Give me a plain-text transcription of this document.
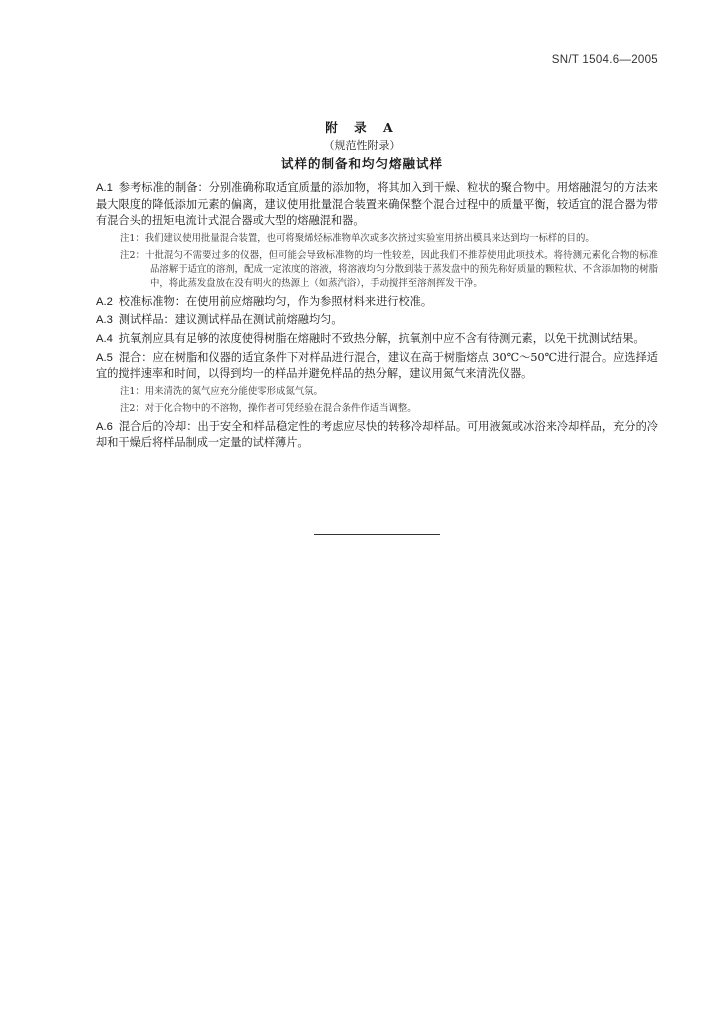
SN/T 1504.6—2005
附 录 A
（规范性附录）
试样的制备和均匀熔融试样

A.1 参考标准的制备：分别准确称取适宜质量的添加物，将其加入到干燥、粒状的聚合物中。用熔融混匀的方法来最大限度的降低添加元素的偏离，建议使用批量混合装置来确保整个混合过程中的质量平衡，较适宜的混合器为带有混合头的扭矩电流计式混合器或大型的熔融混和器。

注1：我们建议使用批量混合装置，也可将聚烯烃标准物单次或多次挤过实验室用挤出模具来达到均一标样的目的。

注2：十批混匀不需要过多的仪器，但可能会导致标准物的均一性较差，因此我们不推荐使用此项技术。将待测元素化合物的标准品溶解于适宜的溶剂，配成一定浓度的溶液，将溶液均匀分散到装于蒸发盘中的预先称好质量的颗粒状、不含添加物的树脂中，将此蒸发盘放在没有明火的热源上（如蒸汽浴），手动搅拌至溶剂挥发干净。

A.2 校准标准物：在使用前应熔融均匀，作为参照材料来进行校准。

A.3 测试样品：建议测试样品在测试前熔融均匀。

A.4 抗氧剂应具有足够的浓度使得树脂在熔融时不致热分解，抗氧剂中应不含有待测元素，以免干扰测试结果。

A.5 混合：应在树脂和仪器的适宜条件下对样品进行混合，建议在高于树脂熔点 30℃～50℃进行混合。应选择适宜的搅拌速率和时间，以得到均一的样品并避免样品的热分解，建议用氮气来清洗仪器。

注1：用来清洗的氮气应充分能使零形成氮气氛。

注2：对于化合物中的不溶物，操作者可凭经验在混合条件作适当调整。

A.6 混合后的冷却：出于安全和样品稳定性的考虑应尽快的转移冷却样品。可用液氮或冰浴来冷却样品，充分的冷却和干燥后将样品制成一定量的试样薄片。
